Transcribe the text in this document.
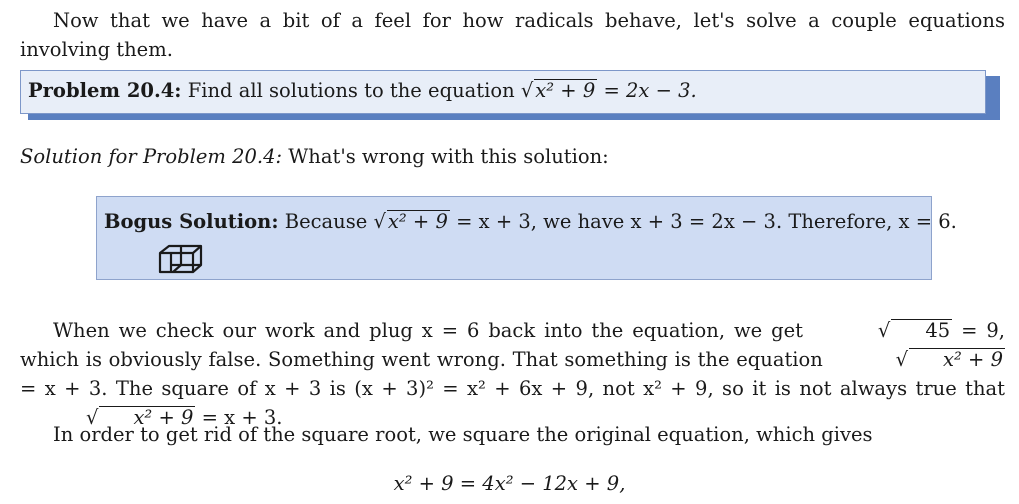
Now that we have a bit of a feel for how radicals behave, let's solve a couple equations involving them.
Problem 20.4: Find all solutions to the equation √ x² + 9 = 2x − 3.
Solution for Problem 20.4: What's wrong with this solution:
Bogus Solution: Because √ x² + 9 = x + 3, we have x + 3 = 2x − 3. Therefore, x = 6.
When we check our work and plug x = 6 back into the equation, we get	√ 45 = 9, which is obviously false. Something went wrong. That something is the equation	√ x² + 9 = x + 3. The square of x + 3 is (x + 3)² = x² + 6x + 9, not x² + 9, so it is not always true that √ x² + 9 = x + 3.
In order to get rid of the square root, we square the original equation, which gives
x² + 9 = 4x² − 12x + 9,
